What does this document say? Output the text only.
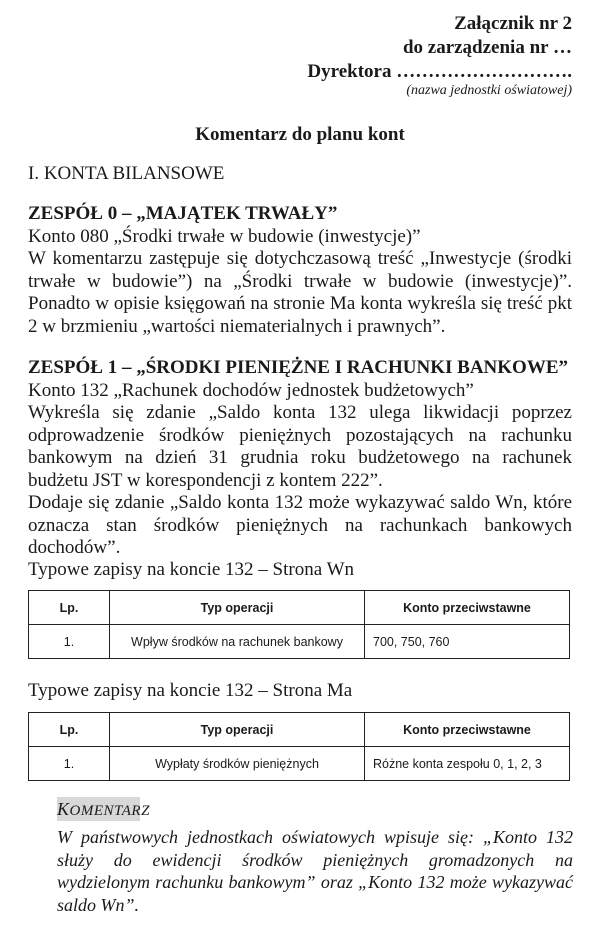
Załącznik nr 2
do zarządzenia nr …
Dyrektora ……………………….
(nazwa jednostki oświatowej)
Komentarz do planu kont
I. KONTA BILANSOWE
ZESPÓŁ 0 – „MAJĄTEK TRWAŁY”
Konto 080 „Środki trwałe w budowie (inwestycje)”
W komentarzu zastępuje się dotychczasową treść „Inwestycje (środki trwałe w budowie”) na „Środki trwałe w budowie (inwestycje)”. Ponadto w opisie księgowań na stronie Ma konta wykreśla się treść pkt 2 w brzmieniu „wartości niematerialnych i prawnych”.
ZESPÓŁ 1 – „ŚRODKI PIENIĘŻNE I RACHUNKI BANKOWE”
Konto 132 „Rachunek dochodów jednostek budżetowych”
Wykreśla się zdanie „Saldo konta 132 ulega likwidacji poprzez odprowadzenie środków pieniężnych pozostających na rachunku bankowym na dzień 31 grudnia roku budżetowego na rachunek budżetu JST w korespondencji z kontem 222”.
Dodaje się zdanie „Saldo konta 132 może wykazywać saldo Wn, które oznacza stan środków pieniężnych na rachunkach bankowych dochodów”.
Typowe zapisy na koncie 132 – Strona Wn
Lp.	Typ operacji	Konto przeciwstawne
1.	Wpływ środków na rachunek bankowy	700, 750, 760
Typowe zapisy na koncie 132 – Strona Ma
Lp.	Typ operacji	Konto przeciwstawne
1.	Wypłaty środków pieniężnych	Różne konta zespołu 0, 1, 2, 3
KOMENTARZ
W państwowych jednostkach oświatowych wpisuje się: „Konto 132 służy do ewidencji środków pieniężnych gromadzonych na wydzielonym rachunku bankowym” oraz „Konto 132 może wykazywać saldo Wn”.
